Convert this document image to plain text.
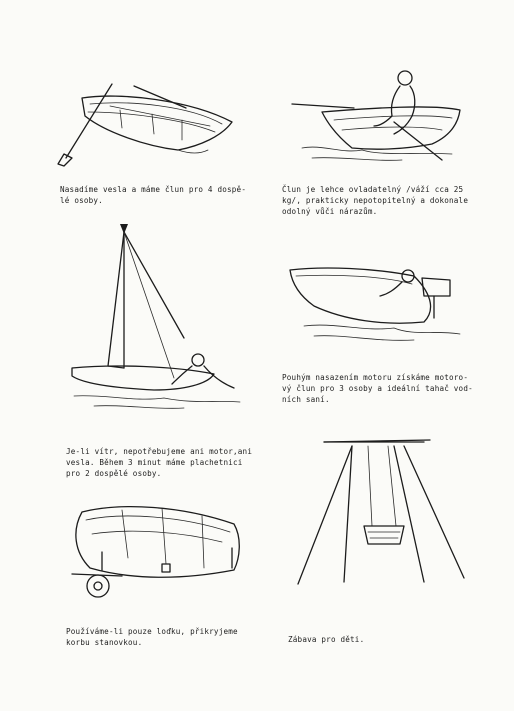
Nasadíme vesla a máme člun pro 4 dospě-
lé osoby.
Člun je lehce ovladatelný /váží cca 25
kg/, prakticky nepotopitelný a dokonale
odolný vůči nárazům.
Pouhým nasazením motoru získáme motoro-
vý člun pro 3 osoby a ideální tahač vod-
ních saní.
Je-li vítr, nepotřebujeme ani motor,ani
vesla. Během 3 minut máme plachetnici
pro 2 dospělé osoby.
Používáme-li pouze loďku, přikryjeme
korbu stanovkou.	Zábava pro děti.
